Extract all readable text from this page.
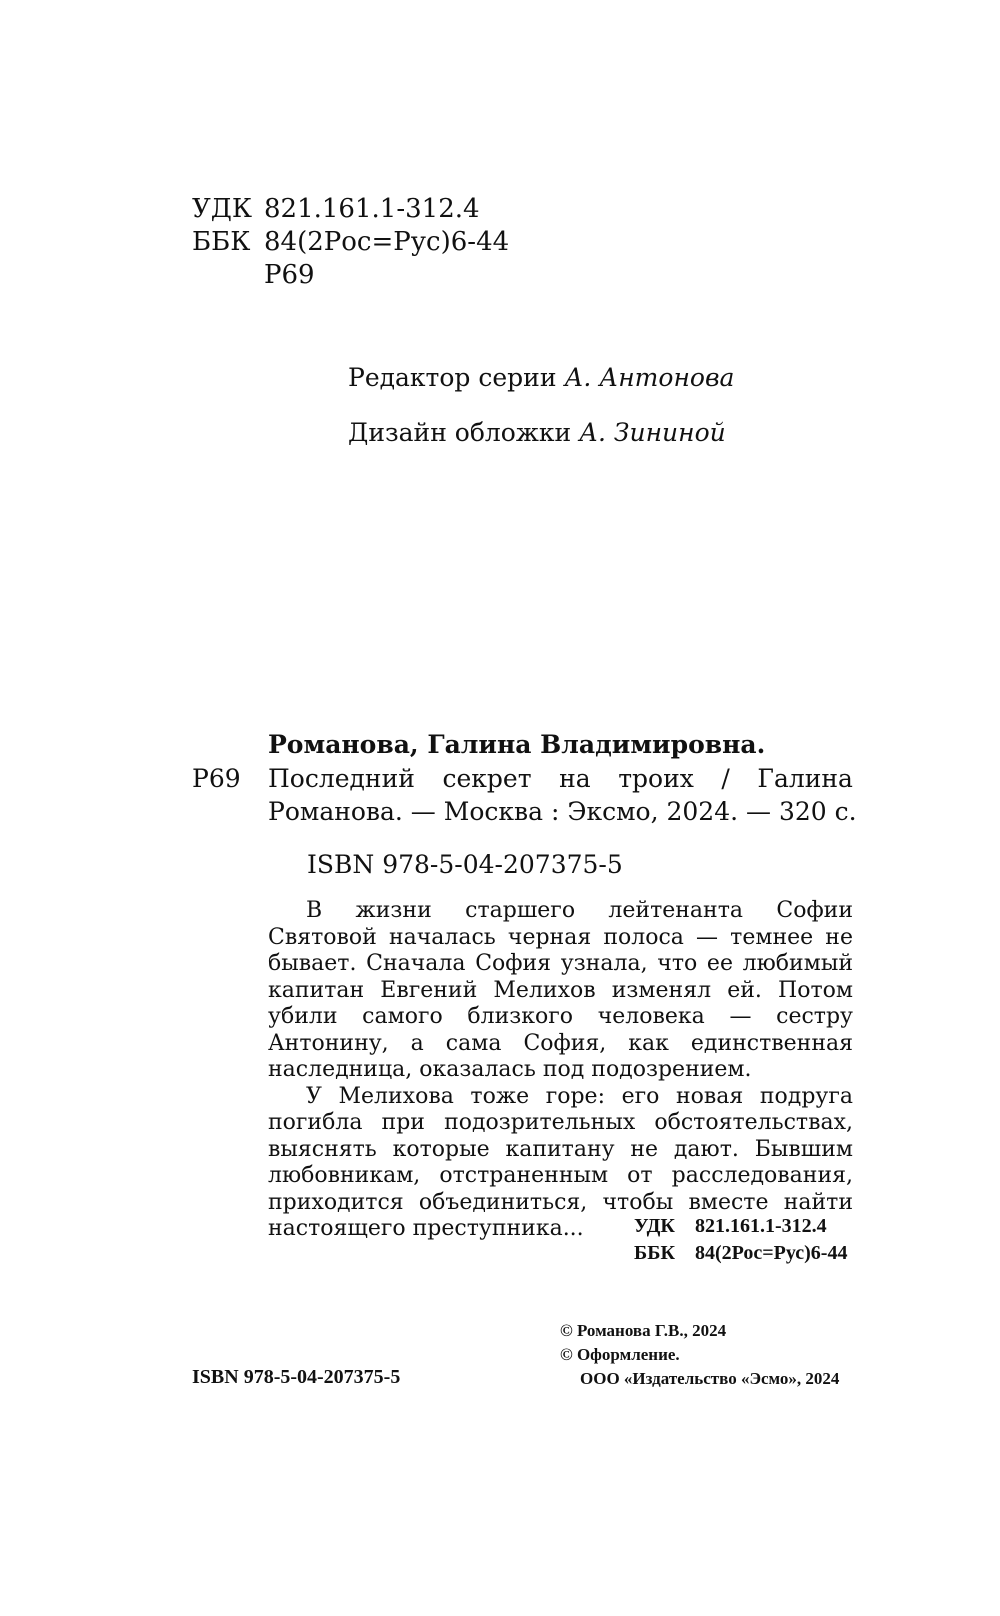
УДК 821.161.1-312.4
ББК 84(2Рос=Рус)6-44
Р69
Редактор серии А. Антонова
Дизайн обложки А. Зининой
Романова, Галина Владимировна.
Р69 Последний секрет на троих / Галина
Романова. — Москва : Эксмо, 2024. — 320 с.
ISBN 978-5-04-207375-5

В жизни старшего лейтенанта Софии Святовой началась черная полоса — темнее не бывает. Сначала София узнала, что ее любимый капитан Евгений Мелихов изменял ей. Потом убили самого близкого человека — сестру Антонину, а сама София, как единственная наследница, оказалась под подозрением.

У Мелихова тоже горе: его новая подруга погибла при подозрительных обстоятельствах, выяснять которые капитану не дают. Бывшим любовникам, отстраненным от расследования, приходится объединиться, чтобы вместе найти настоящего преступника...	УДК 821.161.1-312.4
ББК 84(2Рос=Рус)6-44
© Романова Г.В., 2024
© Оформление.
ООО «Издательство «Эсмо», 2024
ISBN 978-5-04-207375-5
